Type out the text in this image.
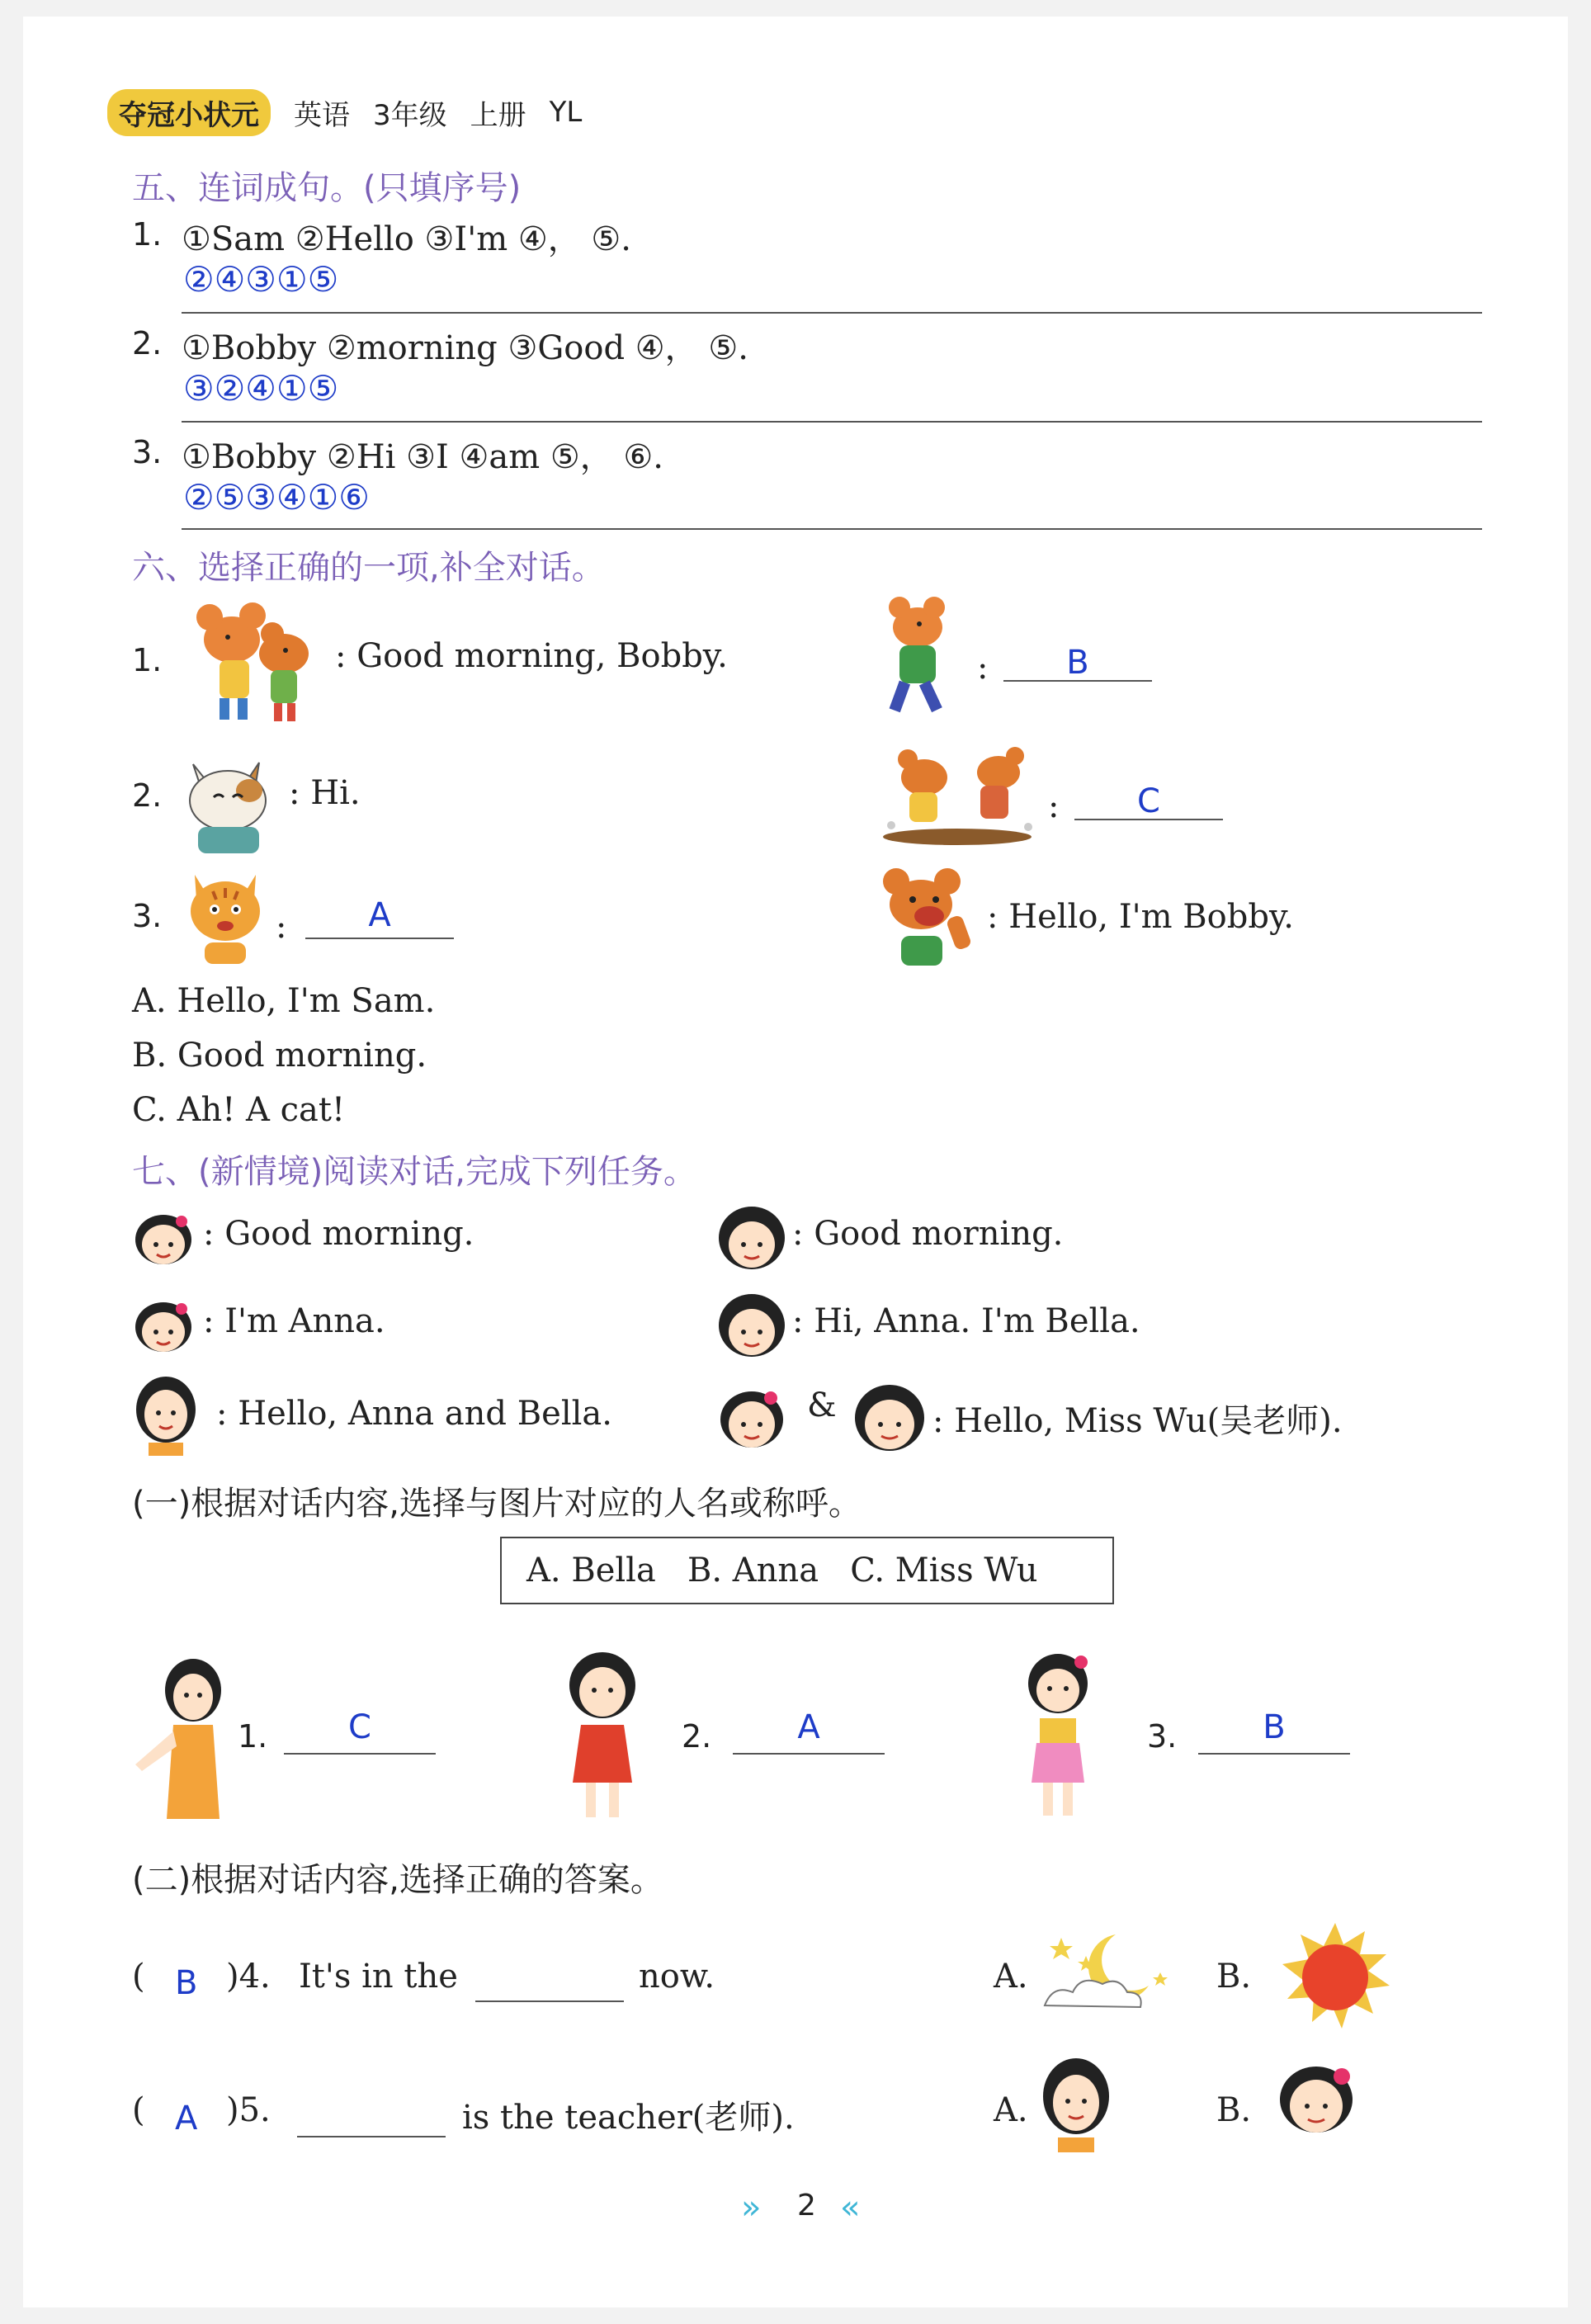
夺冠小状元	英语 3年级 上册 YL
五、连词成句。(只填序号)
1. ①Sam ②Hello ③I'm ④， ⑤.
②④③①⑤
2. ①Bobby ②morning ③Good ④， ⑤.
③②④①⑤
3. ①Bobby ②Hi ③I ④am ⑤， ⑥.
②⑤③④①⑥
六、选择正确的一项,补全对话。
1.	: Good morning, Bobby.	:	B
2.	: Hi.	:	C
3.	:	A	: Hello, I'm Bobby.
A. Hello, I'm Sam.
B. Good morning.
C. Ah! A cat!
七、(新情境)阅读对话,完成下列任务。
: Good morning.	: Good morning.
: I'm Anna.	: Hi, Anna. I'm Bella.
: Hello, Anna and Bella.	&	: Hello, Miss Wu(吴老师).
(一)根据对话内容,选择与图片对应的人名或称呼。
A. Bella   B. Anna   C. Miss Wu
1.	C	2.	A	3.	B
(二)根据对话内容,选择正确的答案。
( B )4. It's in the	now.	A.	B.
( A )5.	is the teacher(老师).	A.	B.
» 2 «
